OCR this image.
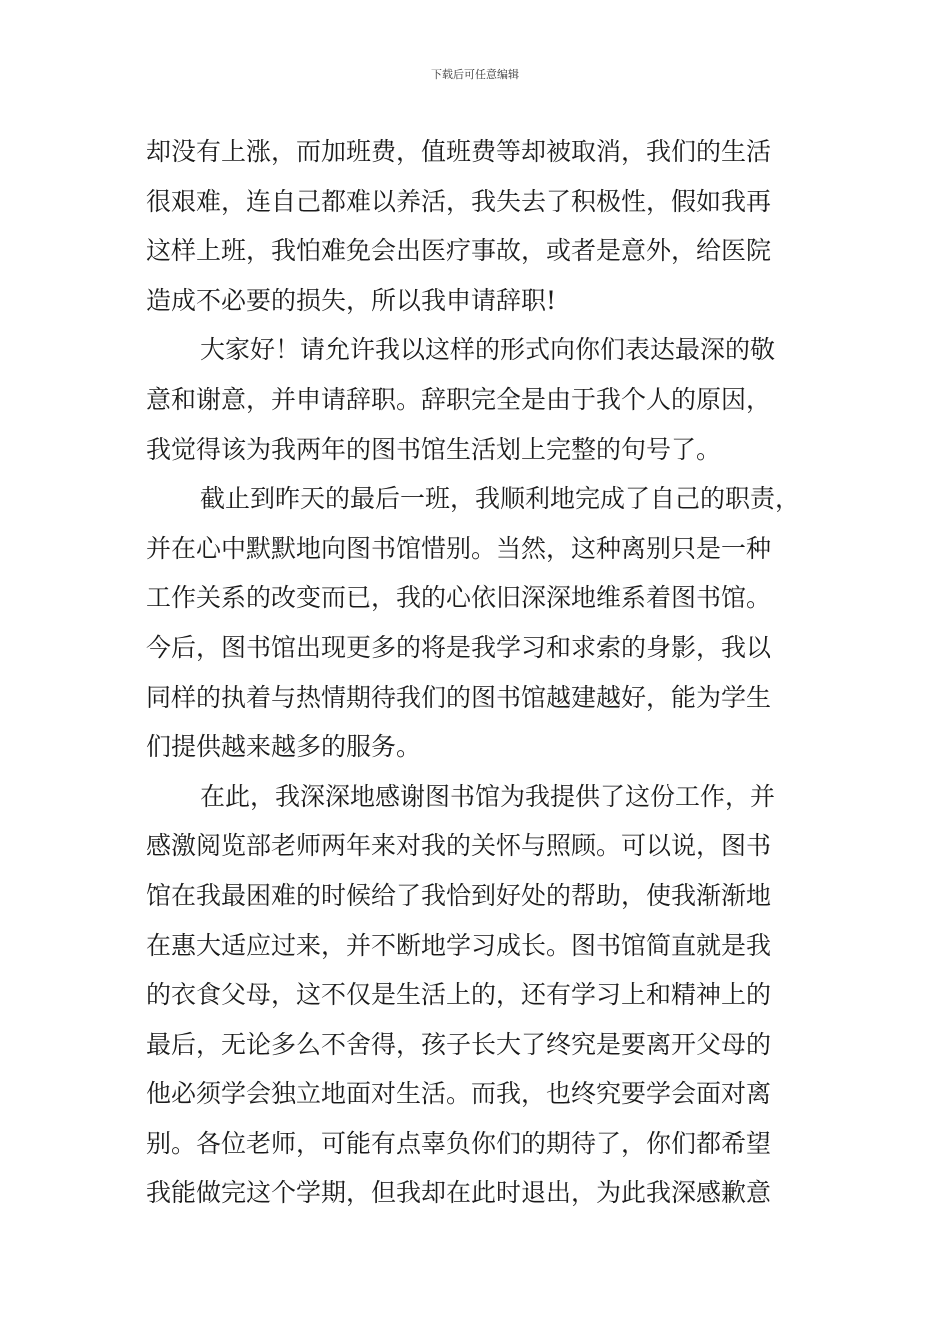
下载后可任意编辑
却没有上涨，而加班费，值班费等却被取消，我们的生活
很艰难，连自己都难以养活，我失去了积极性，假如我再
这样上班，我怕难免会出医疗事故，或者是意外，给医院
造成不必要的损失，所以我申请辞职!
大家好！请允许我以这样的形式向你们表达最深的敬
意和谢意，并申请辞职。辞职完全是由于我个人的原因，
我觉得该为我两年的图书馆生活划上完整的句号了。
截止到昨天的最后一班，我顺利地完成了自己的职责，
并在心中默默地向图书馆惜别。当然，这种离别只是一种
工作关系的改变而已，我的心依旧深深地维系着图书馆。
今后，图书馆出现更多的将是我学习和求索的身影，我以
同样的执着与热情期待我们的图书馆越建越好，能为学生
们提供越来越多的服务。
在此，我深深地感谢图书馆为我提供了这份工作，并
感激阅览部老师两年来对我的关怀与照顾。可以说，图书
馆在我最困难的时候给了我恰到好处的帮助，使我渐渐地
在惠大适应过来，并不断地学习成长。图书馆简直就是我
的衣食父母，这不仅是生活上的，还有学习上和精神上的
最后，无论多么不舍得，孩子长大了终究是要离开父母的
他必须学会独立地面对生活。而我，也终究要学会面对离
别。各位老师，可能有点辜负你们的期待了，你们都希望
我能做完这个学期，但我却在此时退出，为此我深感歉意
